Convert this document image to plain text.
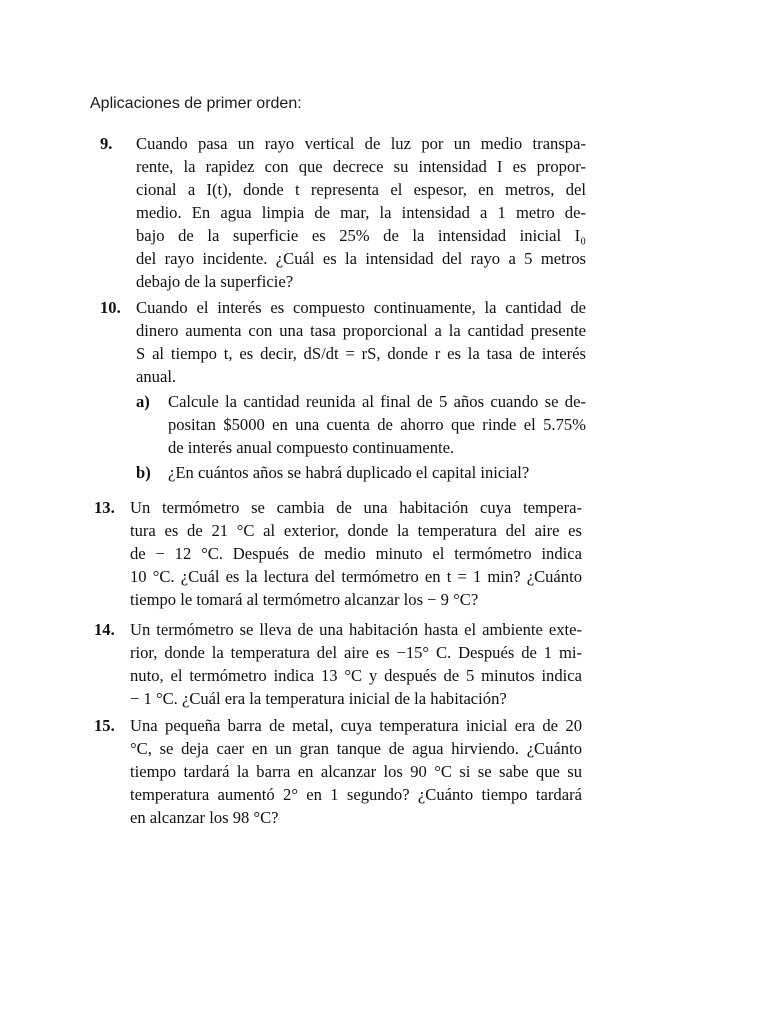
Aplicaciones de primer orden:
9. Cuando pasa un rayo vertical de luz por un medio transpa-
rente, la rapidez con que decrece su intensidad I es propor-
cional a I(t), donde t representa el espesor, en metros, del
medio. En agua limpia de mar, la intensidad a 1 metro de-
bajo de la superficie es 25% de la intensidad inicial I₀
del rayo incidente. ¿Cuál es la intensidad del rayo a 5 metros
debajo de la superficie?
10. Cuando el interés es compuesto continuamente, la cantidad de
dinero aumenta con una tasa proporcional a la cantidad presente
S al tiempo t, es decir, dS/dt = rS, donde r es la tasa de interés
anual.
a) Calcule la cantidad reunida al final de 5 años cuando se de-
positan $5000 en una cuenta de ahorro que rinde el 5.75%
de interés anual compuesto continuamente.
b) ¿En cuántos años se habrá duplicado el capital inicial?
13. Un termómetro se cambia de una habitación cuya tempera-
tura es de 21 °C al exterior, donde la temperatura del aire es
de − 12 °C. Después de medio minuto el termómetro indica
10 °C. ¿Cuál es la lectura del termómetro en t = 1 min? ¿Cuánto
tiempo le tomará al termómetro alcanzar los − 9 °C?
14. Un termómetro se lleva de una habitación hasta el ambiente exte-
rior, donde la temperatura del aire es −15° C. Después de 1 mi-
nuto, el termómetro indica 13 °C y después de 5 minutos indica
− 1 °C. ¿Cuál era la temperatura inicial de la habitación?
15. Una pequeña barra de metal, cuya temperatura inicial era de 20
°C, se deja caer en un gran tanque de agua hirviendo. ¿Cuánto
tiempo tardará la barra en alcanzar los 90 °C si se sabe que su
temperatura aumentó 2° en 1 segundo? ¿Cuánto tiempo tardará
en alcanzar los 98 °C?
